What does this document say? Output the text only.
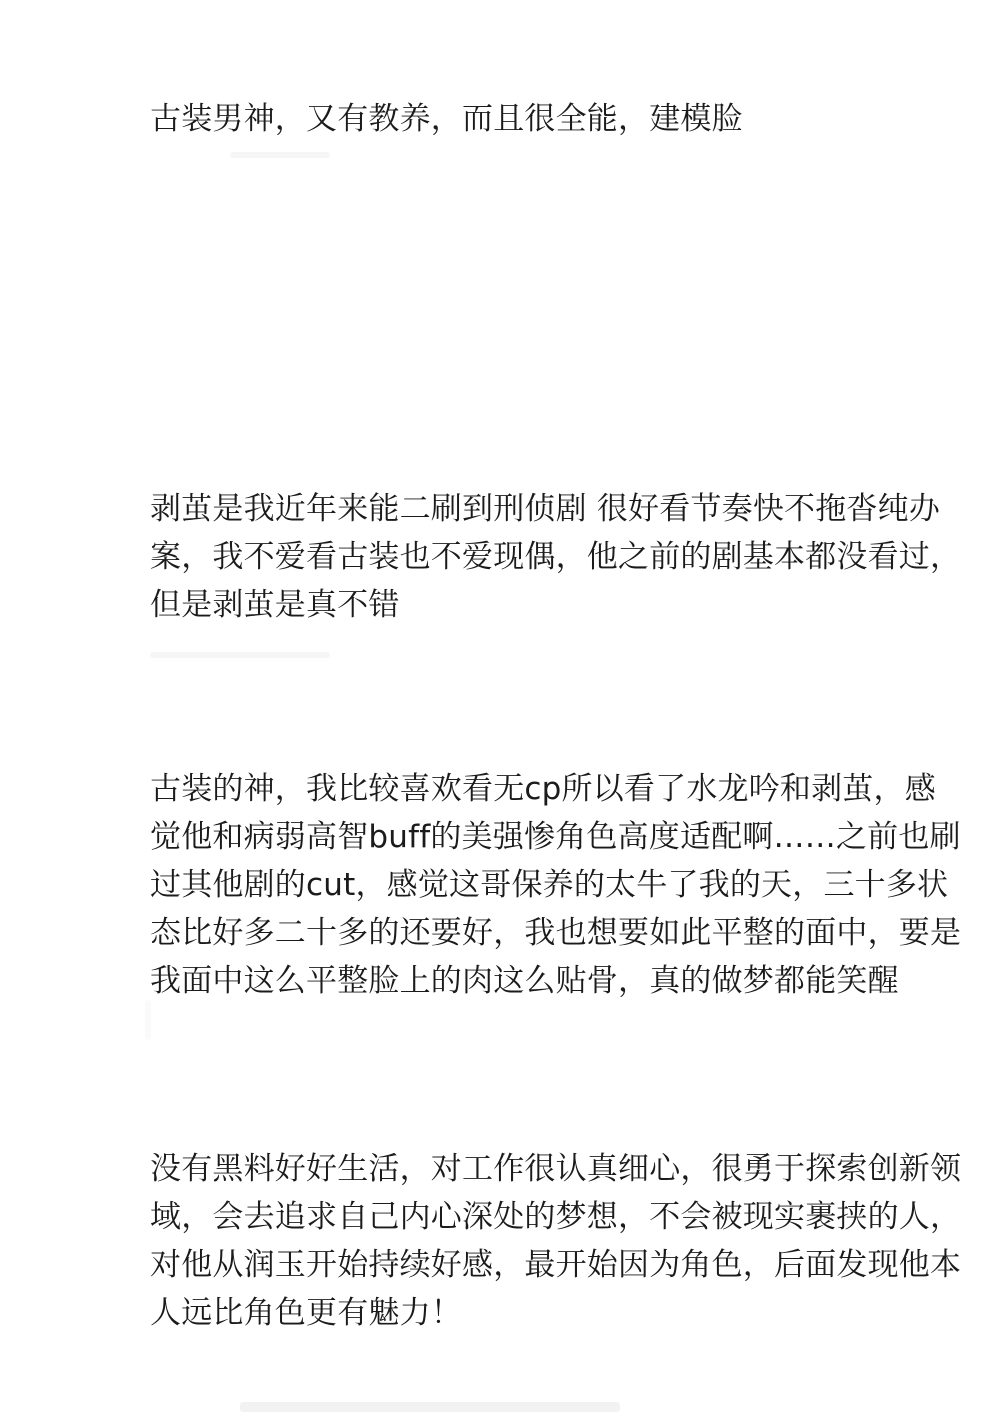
古装男神，又有教养，而且很全能，建模脸

剥茧是我近年来能二刷到刑侦剧 很好看节奏快不拖沓纯办案，我不爱看古装也不爱现偶，他之前的剧基本都没看过，但是剥茧是真不错

古装的神，我比较喜欢看无cp所以看了水龙吟和剥茧，感觉他和病弱高智buff的美强惨角色高度适配啊……之前也刷过其他剧的cut，感觉这哥保养的太牛了我的天，三十多状态比好多二十多的还要好，我也想要如此平整的面中，要是我面中这么平整脸上的肉这么贴骨，真的做梦都能笑醒

没有黑料好好生活，对工作很认真细心，很勇于探索创新领域，会去追求自己内心深处的梦想，不会被现实裹挟的人，对他从润玉开始持续好感，最开始因为角色，后面发现他本人远比角色更有魅力！
